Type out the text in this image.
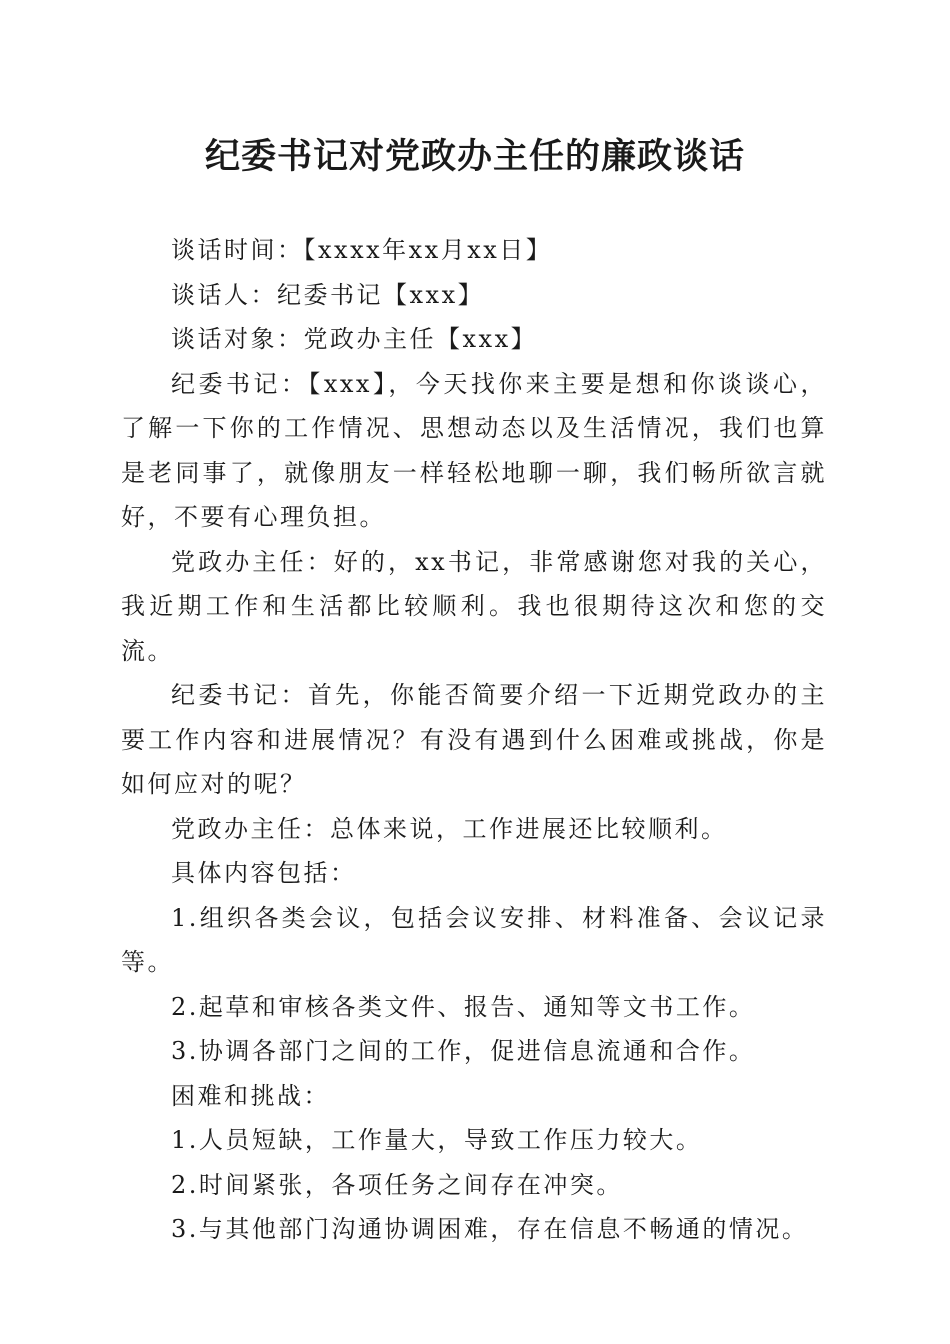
纪委书记对党政办主任的廉政谈话

谈话时间：【xxxx年xx月xx日】

谈话人：纪委书记【xxx】

谈话对象：党政办主任【xxx】

纪委书记：【xxx】，今天找你来主要是想和你谈谈心，了解一下你的工作情况、思想动态以及生活情况，我们也算是老同事了，就像朋友一样轻松地聊一聊，我们畅所欲言就好，不要有心理负担。

党政办主任：好的，xx书记，非常感谢您对我的关心，我近期工作和生活都比较顺利。我也很期待这次和您的交流。

纪委书记：首先，你能否简要介绍一下近期党政办的主要工作内容和进展情况？有没有遇到什么困难或挑战，你是如何应对的呢？

党政办主任：总体来说，工作进展还比较顺利。

具体内容包括：

1.组织各类会议，包括会议安排、材料准备、会议记录等。

2.起草和审核各类文件、报告、通知等文书工作。

3.协调各部门之间的工作，促进信息流通和合作。

困难和挑战：

1.人员短缺，工作量大，导致工作压力较大。

2.时间紧张，各项任务之间存在冲突。

3.与其他部门沟通协调困难，存在信息不畅通的情况。
